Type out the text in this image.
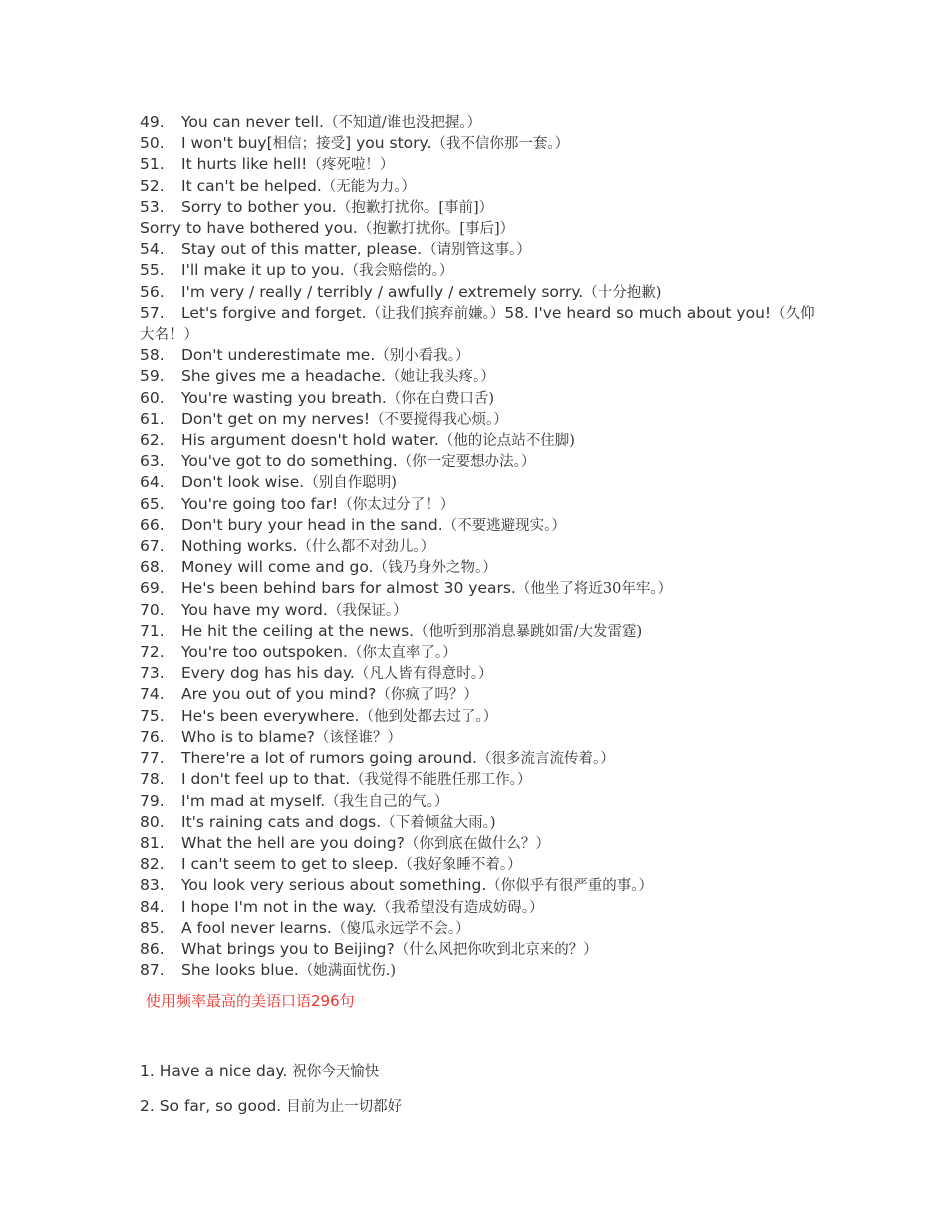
49. You can never tell.（不知道/谁也没把握。）
50. I won't buy[相信；接受] you story.（我不信你那一套。）
51. It hurts like hell!（疼死啦！）
52. It can't be helped.（无能为力。）
53. Sorry to bother you.（抱歉打扰你。[事前]）
Sorry to have bothered you.（抱歉打扰你。[事后]）
54. Stay out of this matter, please.（请别管这事。）
55. I'll make it up to you.（我会赔偿的。）
56. I'm very / really / terribly / awfully / extremely sorry.（十分抱歉)
57. Let's forgive and forget.（让我们摈弃前嫌。）58. I've heard so much about you!（久仰大名！）
58. Don't underestimate me.（别小看我。）
59. She gives me a headache.（她让我头疼。）
60. You're wasting you breath.（你在白费口舌)
61. Don't get on my nerves!（不要搅得我心烦。）
62. His argument doesn't hold water.（他的论点站不住脚)
63. You've got to do something.（你一定要想办法。）
64. Don't look wise.（别自作聪明)
65. You're going too far!（你太过分了！）
66. Don't bury your head in the sand.（不要逃避现实。）
67. Nothing works.（什么都不对劲儿。）
68. Money will come and go.（钱乃身外之物。）
69. He's been behind bars for almost 30 years.（他坐了将近30年牢。）
70. You have my word.（我保证。）
71. He hit the ceiling at the news.（他听到那消息暴跳如雷/大发雷霆)
72. You're too outspoken.（你太直率了。）
73. Every dog has his day.（凡人皆有得意时。）
74. Are you out of you mind?（你疯了吗？）
75. He's been everywhere.（他到处都去过了。）
76. Who is to blame?（该怪谁？）
77. There're a lot of rumors going around.（很多流言流传着。）
78. I don't feel up to that.（我觉得不能胜任那工作。）
79. I'm mad at myself.（我生自己的气。）
80. It's raining cats and dogs.（下着倾盆大雨。)
81. What the hell are you doing?（你到底在做什么？）
82. I can't seem to get to sleep.（我好象睡不着。）
83. You look very serious about something.（你似乎有很严重的事。）
84. I hope I'm not in the way.（我希望没有造成妨碍。）
85. A fool never learns.（傻瓜永远学不会。）
86. What brings you to Beijing?（什么风把你吹到北京来的？）
87. She looks blue.（她满面忧伤.)
使用频率最高的美语口语296句
1. Have a nice day. 祝你今天愉快
2. So far, so good. 目前为止一切都好
